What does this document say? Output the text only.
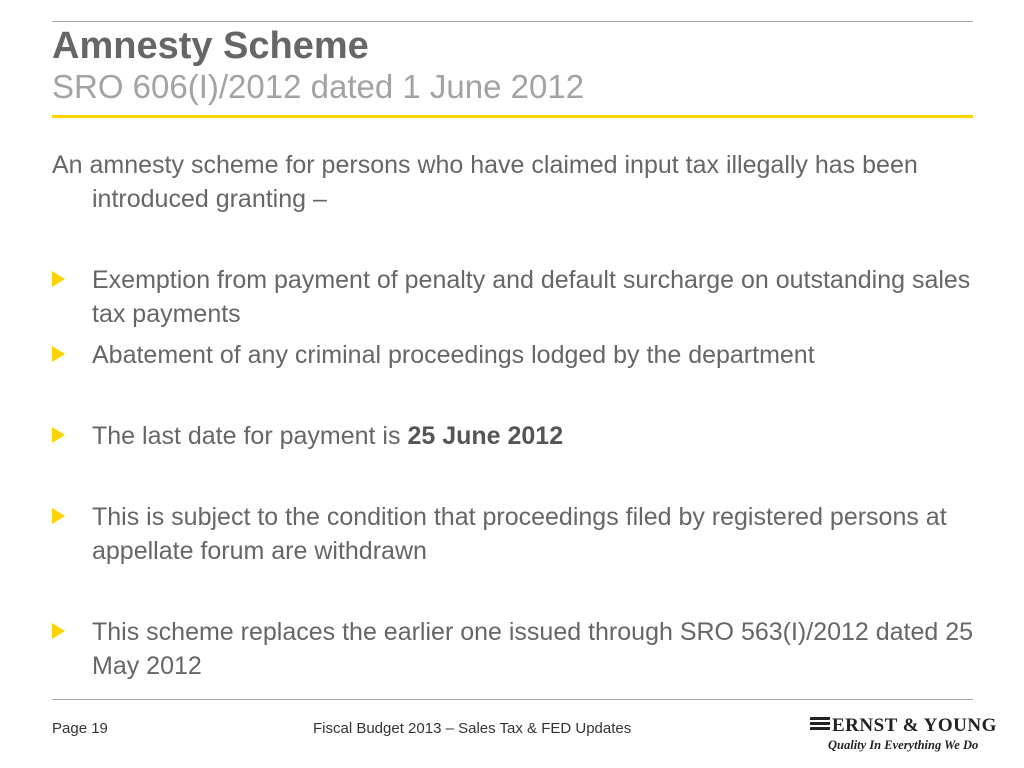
Amnesty Scheme
SRO 606(I)/2012 dated 1 June 2012

An amnesty scheme for persons who have claimed input tax illegally has been introduced granting –

Exemption from payment of penalty and default surcharge on outstanding sales tax payments

Abatement of any criminal proceedings lodged by the department

The last date for payment is 25 June 2012

This is subject to the condition that proceedings filed by registered persons at appellate forum are withdrawn

This scheme replaces the earlier one issued through SRO 563(I)/2012 dated 25 May 2012

Page 19	Fiscal Budget 2013 – Sales Tax & FED Updates	ERNST & YOUNG
Quality In Everything We Do
